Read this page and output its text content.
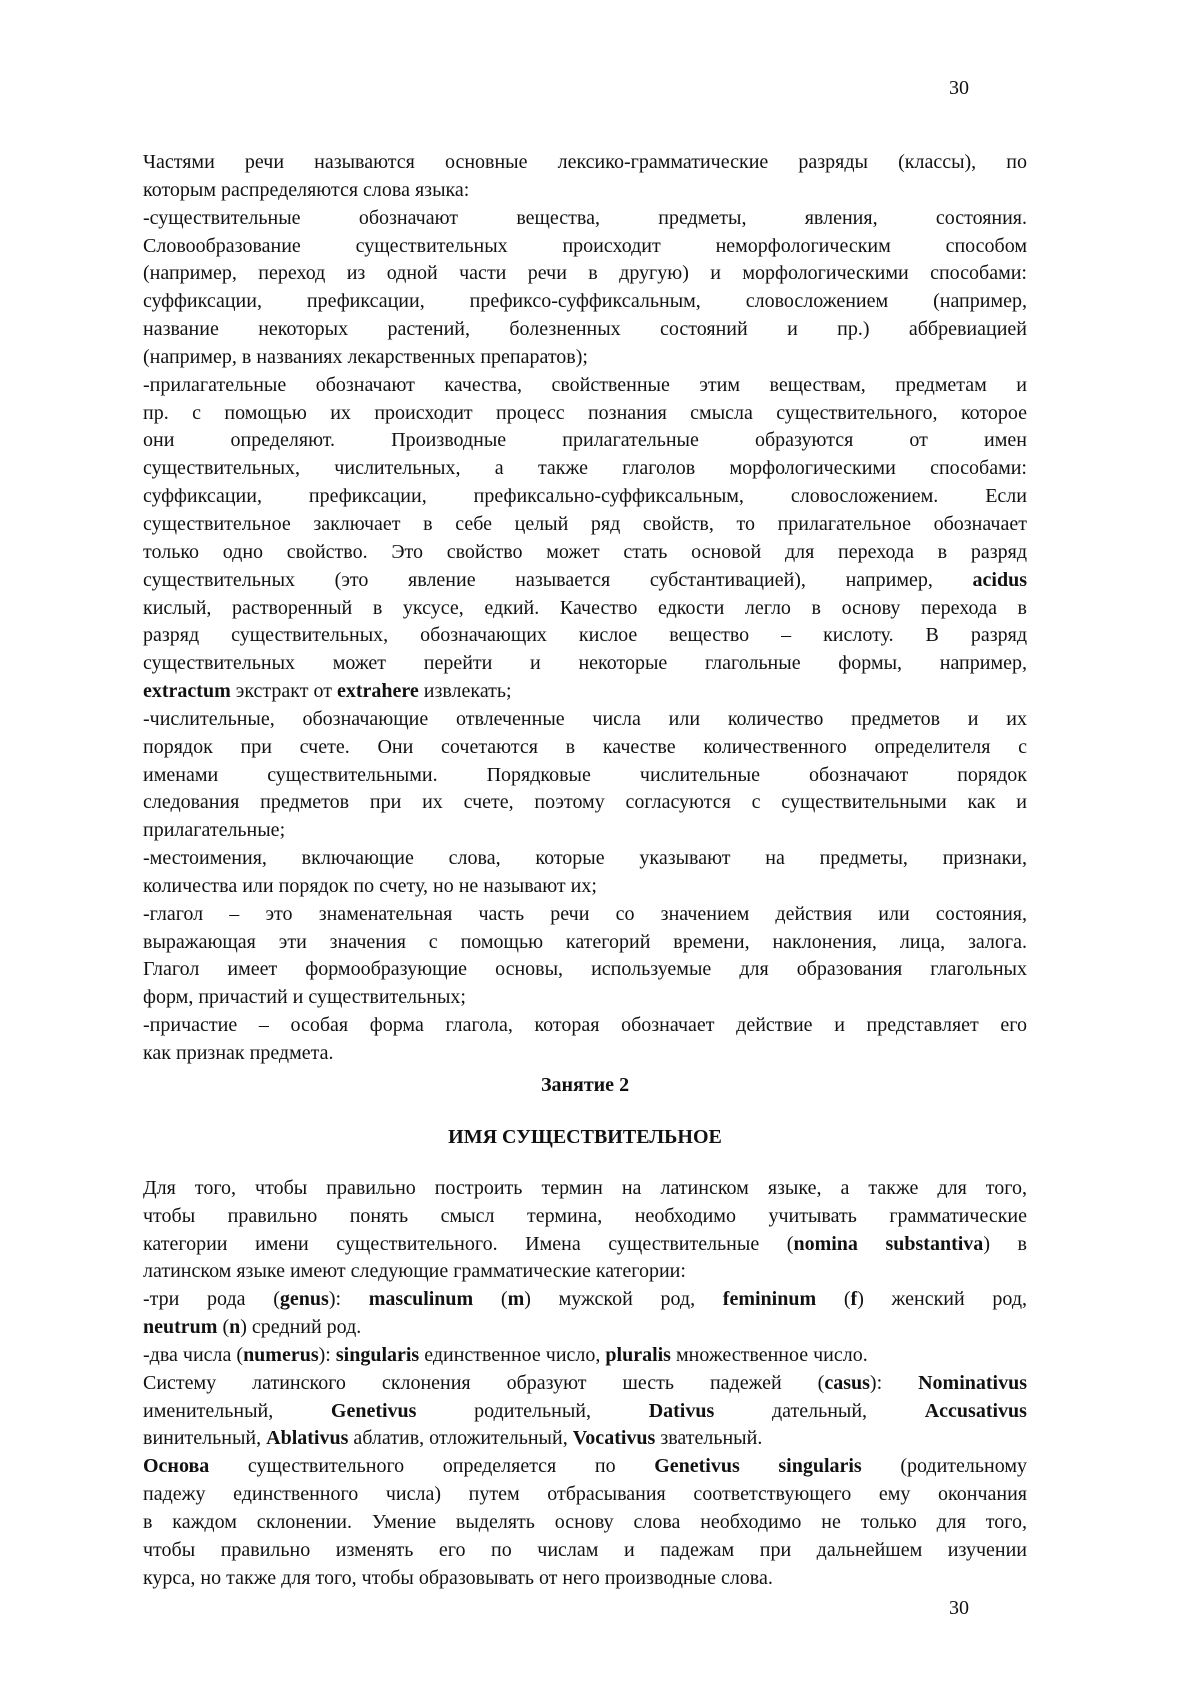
30
Частями речи называются основные лексико-грамматические разряды (классы), по
которым распределяются слова языка:
-существительные обозначают вещества, предметы, явления, состояния.
Словообразование существительных происходит неморфологическим способом
(например, переход из одной части речи в другую) и морфологическими способами:
суффиксации, префиксации, префиксо-суффиксальным, словосложением (например,
название некоторых растений, болезненных состояний и пр.) аббревиацией
(например, в названиях лекарственных препаратов);
-прилагательные обозначают качества, свойственные этим веществам, предметам и
пр. с помощью их происходит процесс познания смысла существительного, которое
они определяют. Производные прилагательные образуются от имен
существительных, числительных, а также глаголов морфологическими способами:
суффиксации, префиксации, префиксально-суффиксальным, словосложением. Если
существительное заключает в себе целый ряд свойств, то прилагательное обозначает
только одно свойство. Это свойство может стать основой для перехода в разряд
существительных (это явление называется субстантивацией), например, acidus
кислый, растворенный в уксусе, едкий. Качество едкости легло в основу перехода в
разряд существительных, обозначающих кислое вещество – кислоту. В разряд
существительных может перейти и некоторые глагольные формы, например,
extractum экстракт от extrahere извлекать;
-числительные, обозначающие отвлеченные числа или количество предметов и их
порядок при счете. Они сочетаются в качестве количественного определителя с
именами существительными. Порядковые числительные обозначают порядок
следования предметов при их счете, поэтому согласуются с существительными как и
прилагательные;
-местоимения, включающие слова, которые указывают на предметы, признаки,
количества или порядок по счету, но не называют их;
-глагол – это знаменательная часть речи со значением действия или состояния,
выражающая эти значения с помощью категорий времени, наклонения, лица, залога.
Глагол имеет формообразующие основы, используемые для образования глагольных
форм, причастий и существительных;
-причастие – особая форма глагола, которая обозначает действие и представляет его
как признак предмета.

Занятие 2

ИМЯ СУЩЕСТВИТЕЛЬНОЕ

Для того, чтобы правильно построить термин на латинском языке, а также для того,
чтобы правильно понять смысл термина, необходимо учитывать грамматические
категории имени существительного. Имена существительные (nomina substantiva) в
латинском языке имеют следующие грамматические категории:
-три рода (genus): masculinum (m) мужской род, femininum (f) женский род,
neutrum (n) средний род.
-два числа (numerus): singularis единственное число, pluralis множественное число.
Систему латинского склонения образуют шесть падежей (casus): Nominativus
именительный, Genetivus родительный, Dativus дательный, Accusativus
винительный, Ablativus аблатив, отложительный, Vocativus звательный.
Основа существительного определяется по Genetivus singularis (родительному
падежу единственного числа) путем отбрасывания соответствующего ему окончания
в каждом склонении. Умение выделять основу слова необходимо не только для того,
чтобы правильно изменять его по числам и падежам при дальнейшем изучении
курса, но также для того, чтобы образовывать от него производные слова.
30
